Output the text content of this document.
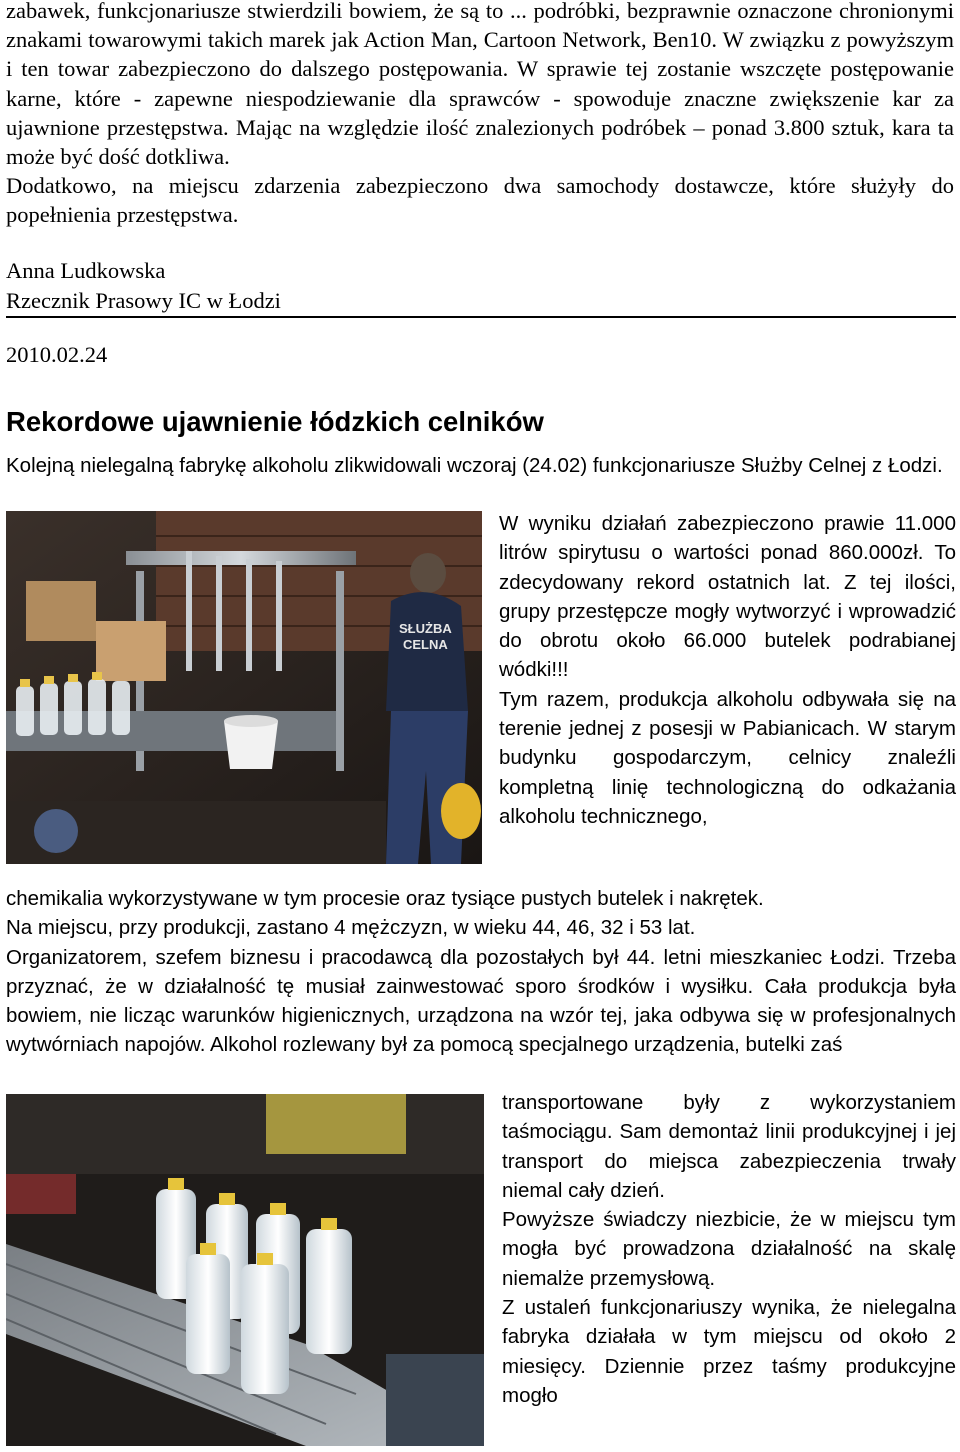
zabawek, funkcjonariusze stwierdzili bowiem, że są to ... podróbki, bezprawnie oznaczone chronionymi znakami towarowymi takich marek jak Action Man, Cartoon Network, Ben10. W związku z powyższym i ten towar zabezpieczono do dalszego postępowania. W sprawie tej zostanie wszczęte postępowanie karne, które - zapewne niespodziewanie dla sprawców - spowoduje znaczne zwiększenie kar za ujawnione przestępstwa. Mając na względzie ilość znalezionych podróbek – ponad 3.800 sztuk, kara ta może być dość dotkliwa.

Dodatkowo, na miejscu zdarzenia zabezpieczono dwa samochody dostawcze, które służyły do popełnienia przestępstwa.

Anna Ludkowska
Rzecznik Prasowy IC w Łodzi
2010.02.24
Rekordowe ujawnienie łódzkich celników

Kolejną nielegalną fabrykę alkoholu zlikwidowali wczoraj (24.02) funkcjonariusze Służby Celnej z Łodzi.

SŁUŻBA
CELNA

W wyniku działań zabezpieczono prawie 11.000 litrów spirytusu o wartości ponad 860.000zł. To zdecydowany rekord ostatnich lat. Z tej ilości, grupy przestępcze mogły wytworzyć i wprowadzić do obrotu około 66.000 butelek podrabianej wódki!!!

Tym razem, produkcja alkoholu odbywała się na terenie jednej z posesji w Pabianicach. W starym budynku gospodarczym, celnicy znaleźli kompletną linię technologiczną do odkażania alkoholu technicznego,

chemikalia wykorzystywane w tym procesie oraz tysiące pustych butelek i nakrętek.

Na miejscu, przy produkcji, zastano 4 mężczyzn, w wieku 44, 46, 32 i 53 lat.

Organizatorem, szefem biznesu i pracodawcą dla pozostałych był 44. letni mieszkaniec Łodzi. Trzeba przyznać, że w działalność tę musiał zainwestować sporo środków i wysiłku. Cała produkcja była bowiem, nie licząc warunków higienicznych, urządzona na wzór tej, jaka odbywa się w profesjonalnych wytwórniach napojów. Alkohol rozlewany był za pomocą specjalnego urządzenia, butelki zaś

transportowane były z wykorzystaniem taśmociągu. Sam demontaż linii produkcyjnej i jej transport do miejsca zabezpieczenia trwały niemal cały dzień.

Powyższe świadczy niezbicie, że w miejscu tym mogła być prowadzona działalność na skalę niemalże przemysłową.

Z ustaleń funkcjonariuszy wynika, że nielegalna fabryka działała w tym miejscu od około 2 miesięcy. Dziennie przez taśmy produkcyjne mogło
